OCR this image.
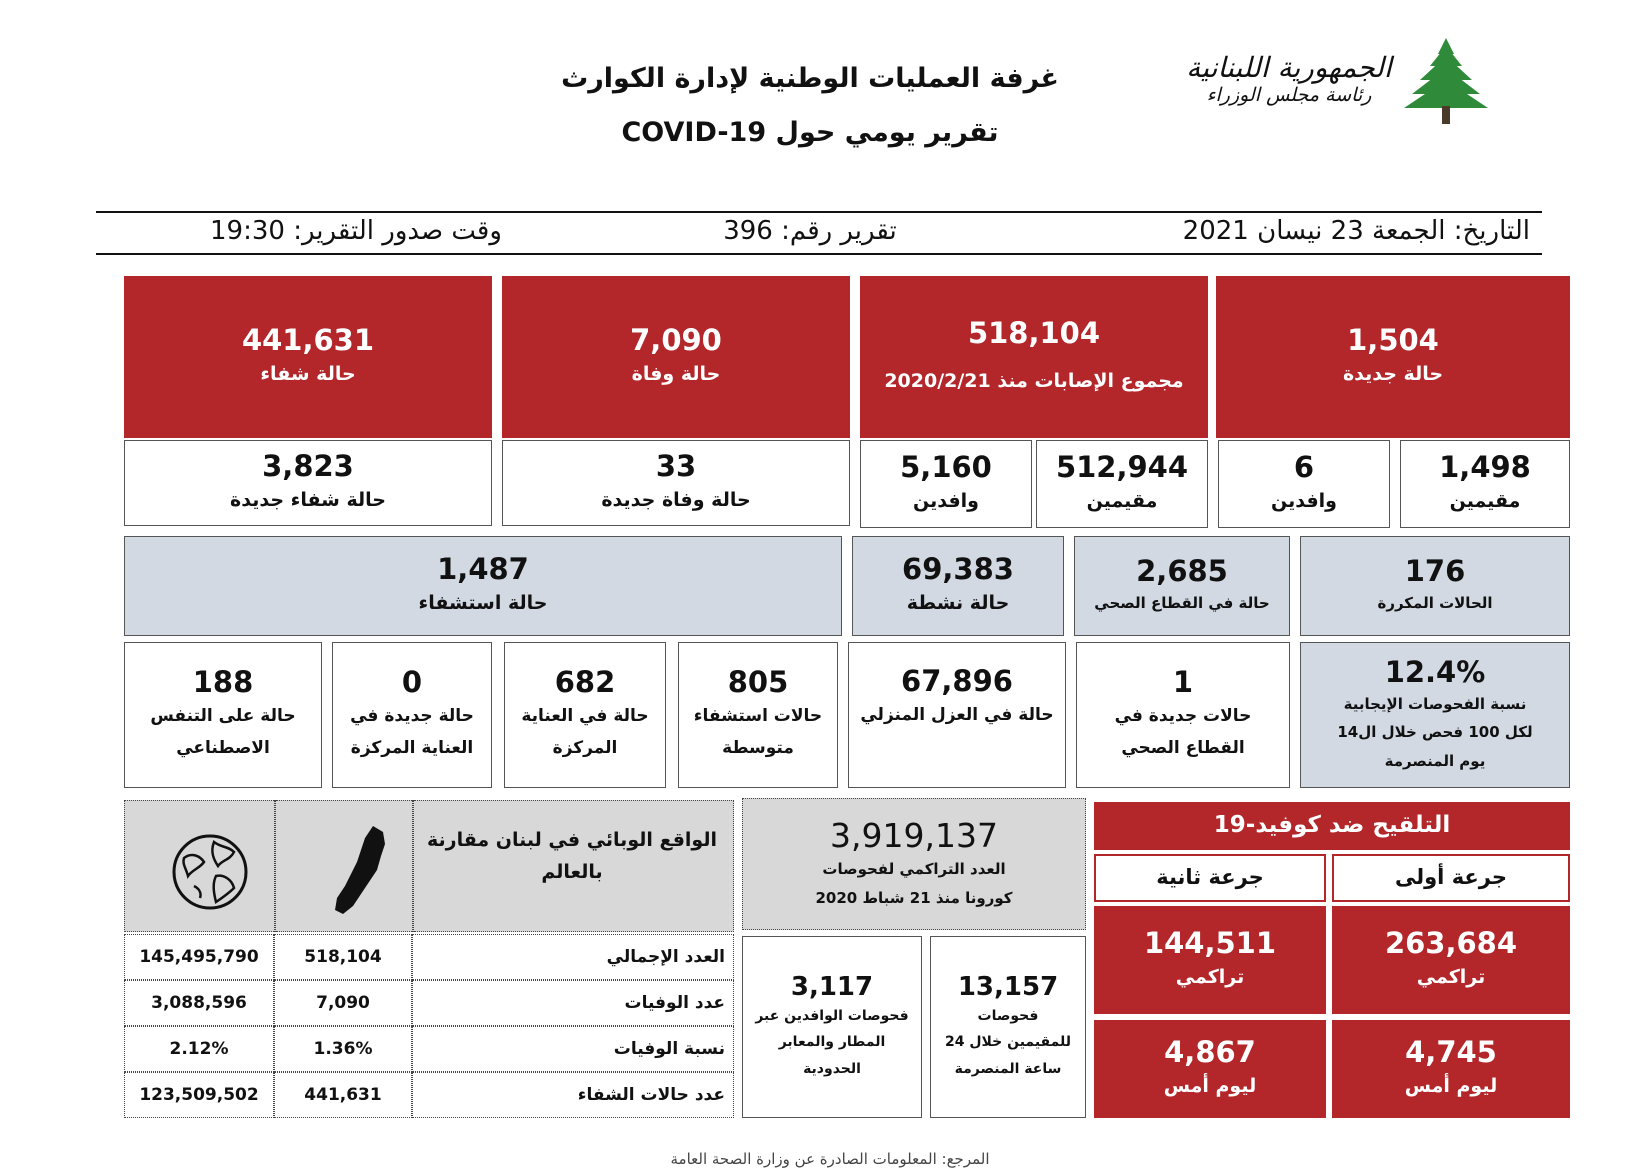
الجمهورية اللبنانية
رئاسة مجلس الوزراء
غرفة العمليات الوطنية لإدارة الكوارث
تقرير يومي حول COVID-19
التاريخ: الجمعة 23 نيسان 2021
تقرير رقم: 396
وقت صدور التقرير: 19:30
1,504
حالة جديدة
1,498
مقيمين
6
وافدين
518,104
مجموع الإصابات منذ 2020/2/21
512,944
مقيمين
5,160
وافدين
7,090
حالة وفاة
33
حالة وفاة جديدة
441,631
حالة شفاء
3,823
حالة شفاء جديدة
176
الحالات المكررة
2,685
حالة في القطاع الصحي
69,383
حالة نشطة
1,487
حالة استشفاء
12.4%
نسبة الفحوصات الإيجابية
لكل 100 فحص خلال ال14
يوم المنصرمة
1
حالات جديدة في
القطاع الصحي
67,896
حالة في العزل المنزلي
805
حالات استشفاء
متوسطة
682
حالة في العناية
المركزة
0
حالة جديدة في
العناية المركزة
188
حالة على التنفس
الاصطناعي
الواقع الوبائي في لبنان مقارنة
بالعالم
145,495,790	518,104	العدد الإجمالي
3,088,596	7,090	عدد الوفيات
2.12%	1.36%	نسبة الوفيات
123,509,502	441,631	عدد حالات الشفاء
3,919,137
العدد التراكمي لفحوصات
كورونا منذ 21 شباط 2020
13,157
فحوصات
للمقيمين خلال 24
ساعة المنصرمة
3,117
فحوصات الوافدين عبر
المطار والمعابر
الحدودية
التلقيح ضد كوفيد-19
جرعة أولى
جرعة ثانية
263,684
تراكمي
144,511
تراكمي
4,745
ليوم أمس
4,867
ليوم أمس
المرجع: المعلومات الصادرة عن وزارة الصحة العامة
